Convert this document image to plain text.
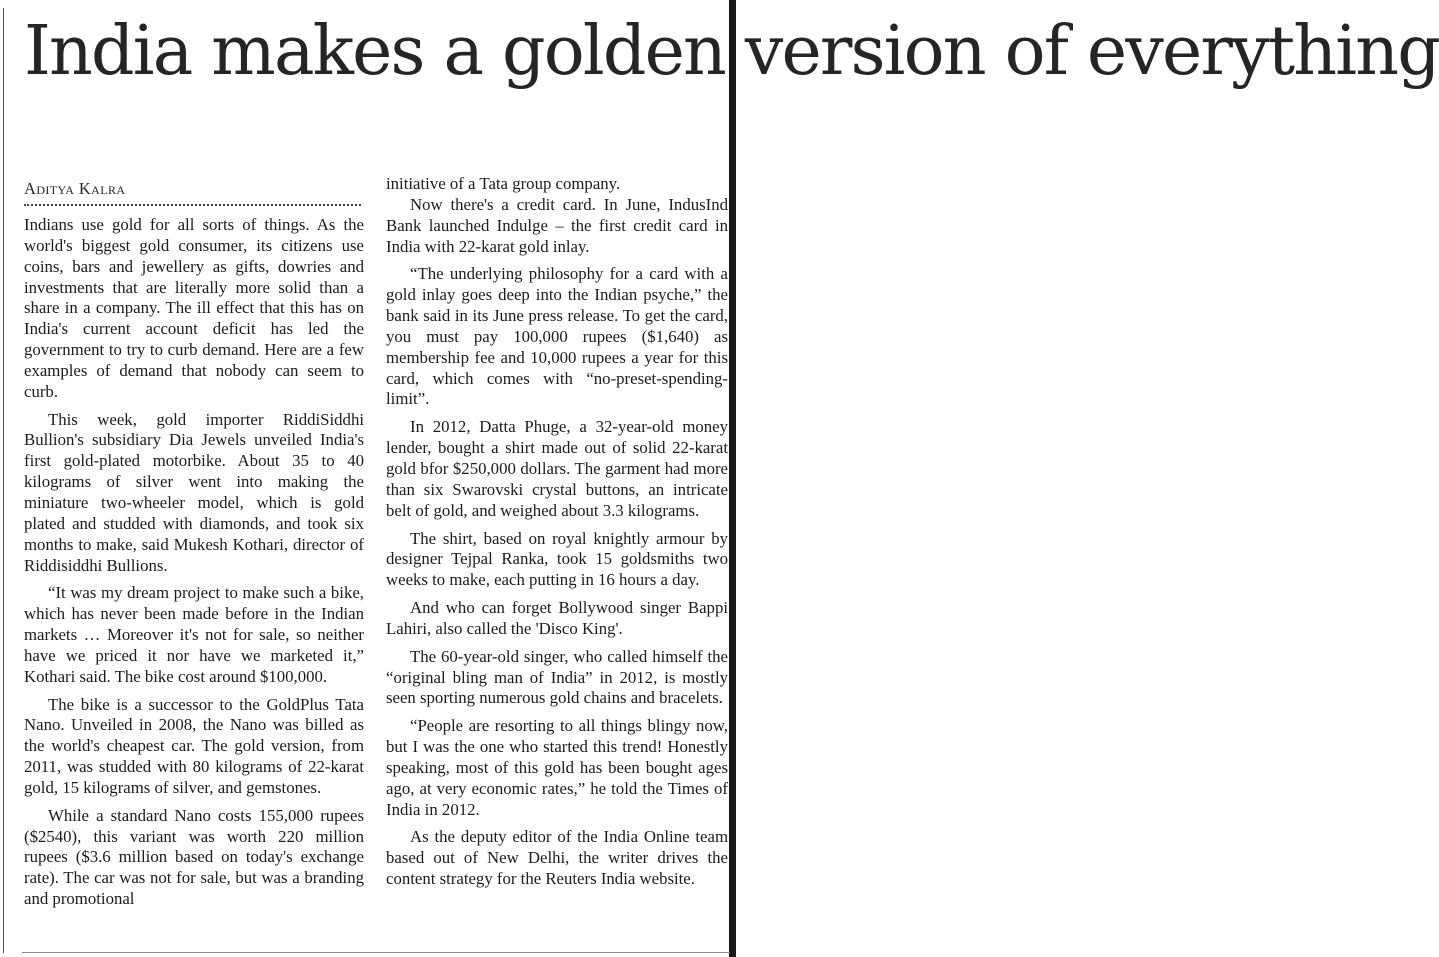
India makes a golden version of everything
Aditya Kalra

Indians use gold for all sorts of things. As the world's biggest gold consumer, its citizens use coins, bars and jewellery as gifts, dowries and investments that are literally more solid than a share in a company. The ill effect that this has on India's current account deficit has led the government to try to curb demand. Here are a few examples of demand that nobody can seem to curb.

This week, gold importer RiddiSiddhi Bullion's subsidiary Dia Jewels unveiled India's first gold-plated motorbike. About 35 to 40 kilograms of silver went into making the miniature two-wheeler model, which is gold plated and studded with diamonds, and took six months to make, said Mukesh Kothari, director of Riddisiddhi Bullions.

“It was my dream project to make such a bike, which has never been made before in the Indian markets … Moreover it's not for sale, so neither have we priced it nor have we marketed it,” Kothari said. The bike cost around $100,000.

The bike is a successor to the GoldPlus Tata Nano. Unveiled in 2008, the Nano was billed as the world's cheapest car. The gold version, from 2011, was studded with 80 kilograms of 22-karat gold, 15 kilograms of silver, and gemstones.

While a standard Nano costs 155,000 rupees ($2540), this variant was worth 220 million rupees ($3.6 million based on today's exchange rate). The car was not for sale, but was a branding and promotional

initiative of a Tata group company.

Now there's a credit card. In June, IndusInd Bank launched Indulge – the first credit card in India with 22-karat gold inlay.

“The underlying philosophy for a card with a gold inlay goes deep into the Indian psyche,” the bank said in its June press release. To get the card, you must pay 100,000 rupees ($1,640) as membership fee and 10,000 rupees a year for this card, which comes with “no-preset-spending-limit”.

In 2012, Datta Phuge, a 32-year-old money lender, bought a shirt made out of solid 22-karat gold bfor $250,000 dollars. The garment had more than six Swarovski crystal buttons, an intricate belt of gold, and weighed about 3.3 kilograms.

The shirt, based on royal knightly armour by designer Tejpal Ranka, took 15 goldsmiths two weeks to make, each putting in 16 hours a day.

And who can forget Bollywood singer Bappi Lahiri, also called the 'Disco King'.

The 60-year-old singer, who called himself the “original bling man of India” in 2012, is mostly seen sporting numerous gold chains and bracelets.

“People are resorting to all things blingy now, but I was the one who started this trend! Honestly speaking, most of this gold has been bought ages ago, at very economic rates,” he told the Times of India in 2012.

As the deputy editor of the India Online team based out of New Delhi, the writer drives the content strategy for the Reuters India website.
